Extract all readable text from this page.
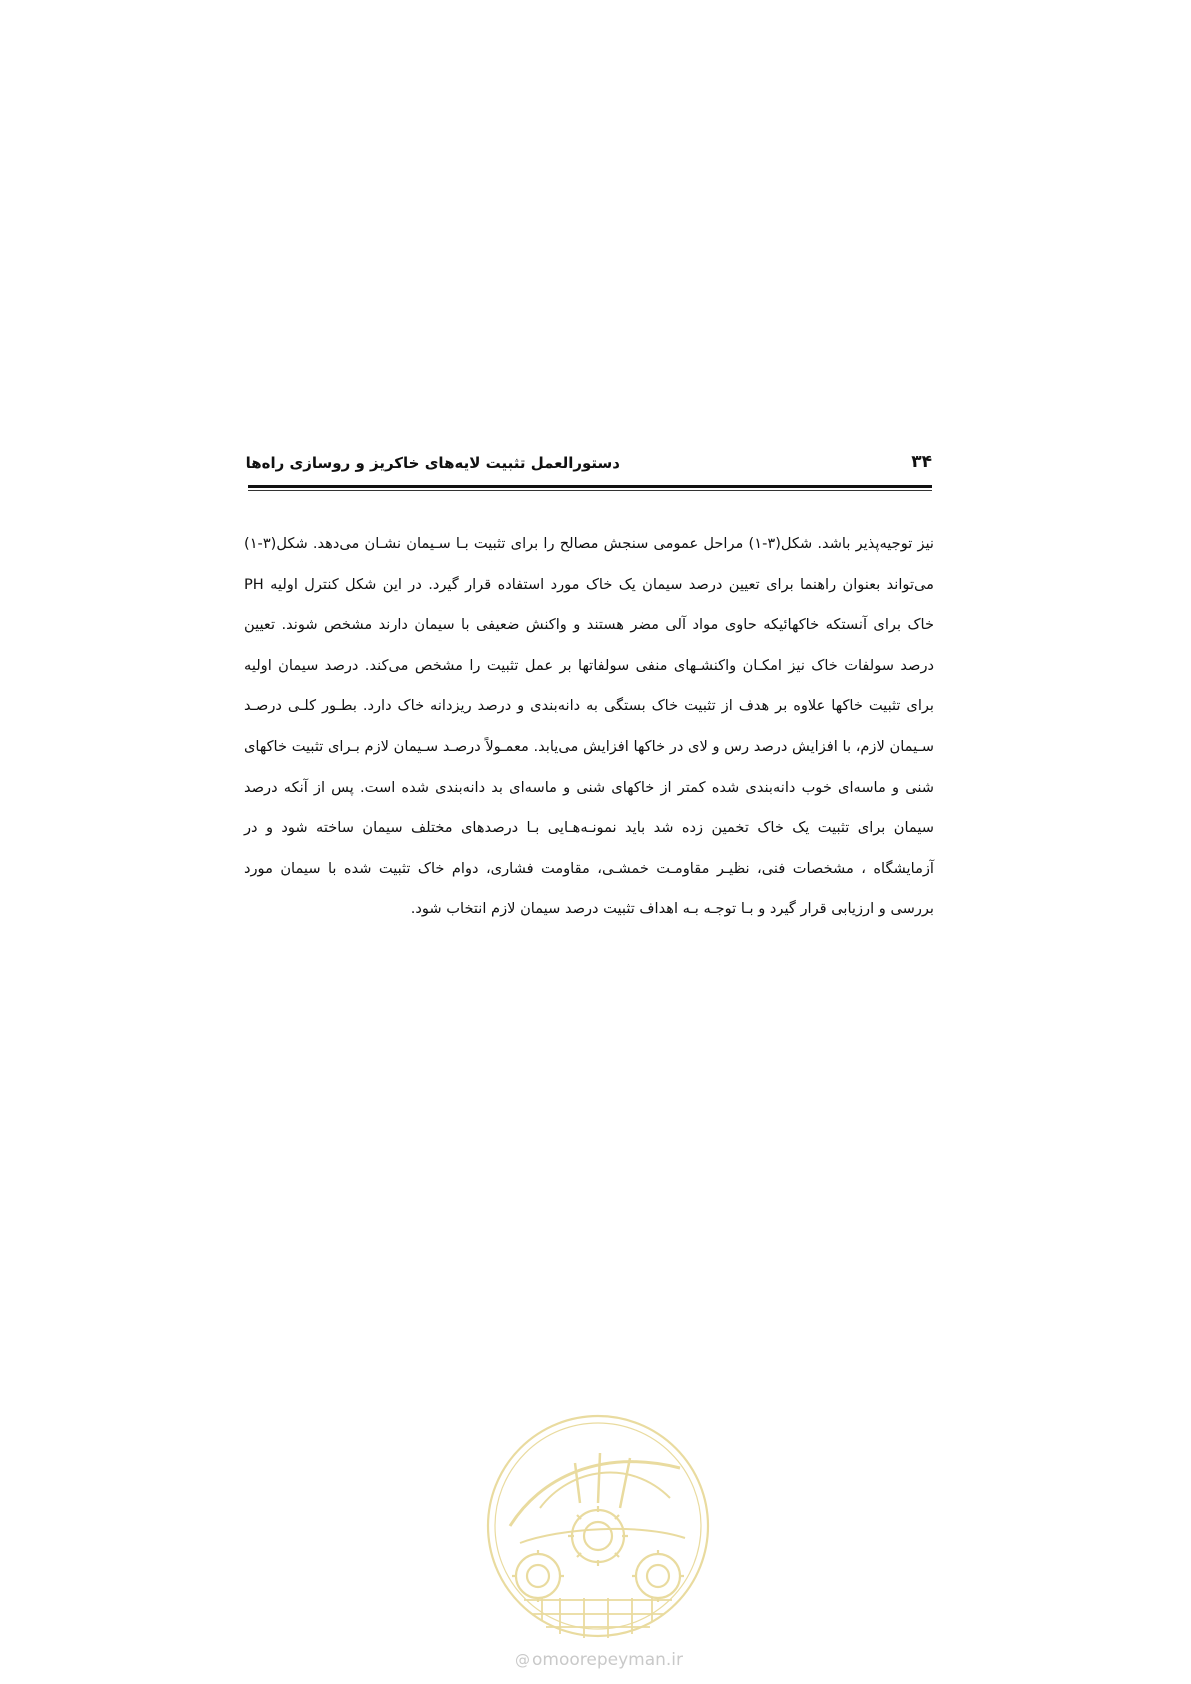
دستورالعمل تثبیت لایه‌های خاکریز و روسازی راه‌ها	۳۴

نیز توجیه‌پذیر باشد. شکل(۳-۱) مراحل عمومی سنجش مصالح را برای تثبیت بـا سـیمان نشـان می‌دهد. شکل(۳-۱) می‌تواند بعنوان راهنما برای تعیین درصد سیمان یک خاک مورد استفاده قرار گیرد. در این شکل کنترل اولیه PH خاک برای آنستکه خاکهائیکه حاوی مواد آلی مضر هستند و واکنش ضعیفی با سیمان دارند مشخص شوند. تعیین درصد سولفات خاک نیز امکـان واکنشـهای منفی سولفاتها بر عمل تثبیت را مشخص می‌کند. درصد سیمان اولیه برای تثبیت خاکها علاوه بر هدف از تثبیت خاک بستگی به دانه‌بندی و درصد ریزدانه خاک دارد. بطـور کلـی درصـد سـیمان لازم، با افزایش درصد رس و لای در خاکها افزایش می‌یابد. معمـولاً درصـد سـیمان لازم بـرای تثبیت خاکهای شنی و ماسه‌ای خوب دانه‌بندی شده کمتر از خاکهای شنی و ماسه‌ای بد دانه‌بندی شده است. پس از آنکه درصد سیمان برای تثبیت یک خاک تخمین زده شد باید نمونـه‌هـایی بـا درصدهای مختلف سیمان ساخته شود و در آزمایشگاه ، مشخصات فنی، نظیـر مقاومـت خمشـی، مقاومت فشاری، دوام خاک تثبیت شده با سیمان مورد بررسی و ارزیابی قرار گیرد و بـا توجـه بـه اهداف تثبیت درصد سیمان لازم انتخاب شود.

@ omoorepeyman.ir
